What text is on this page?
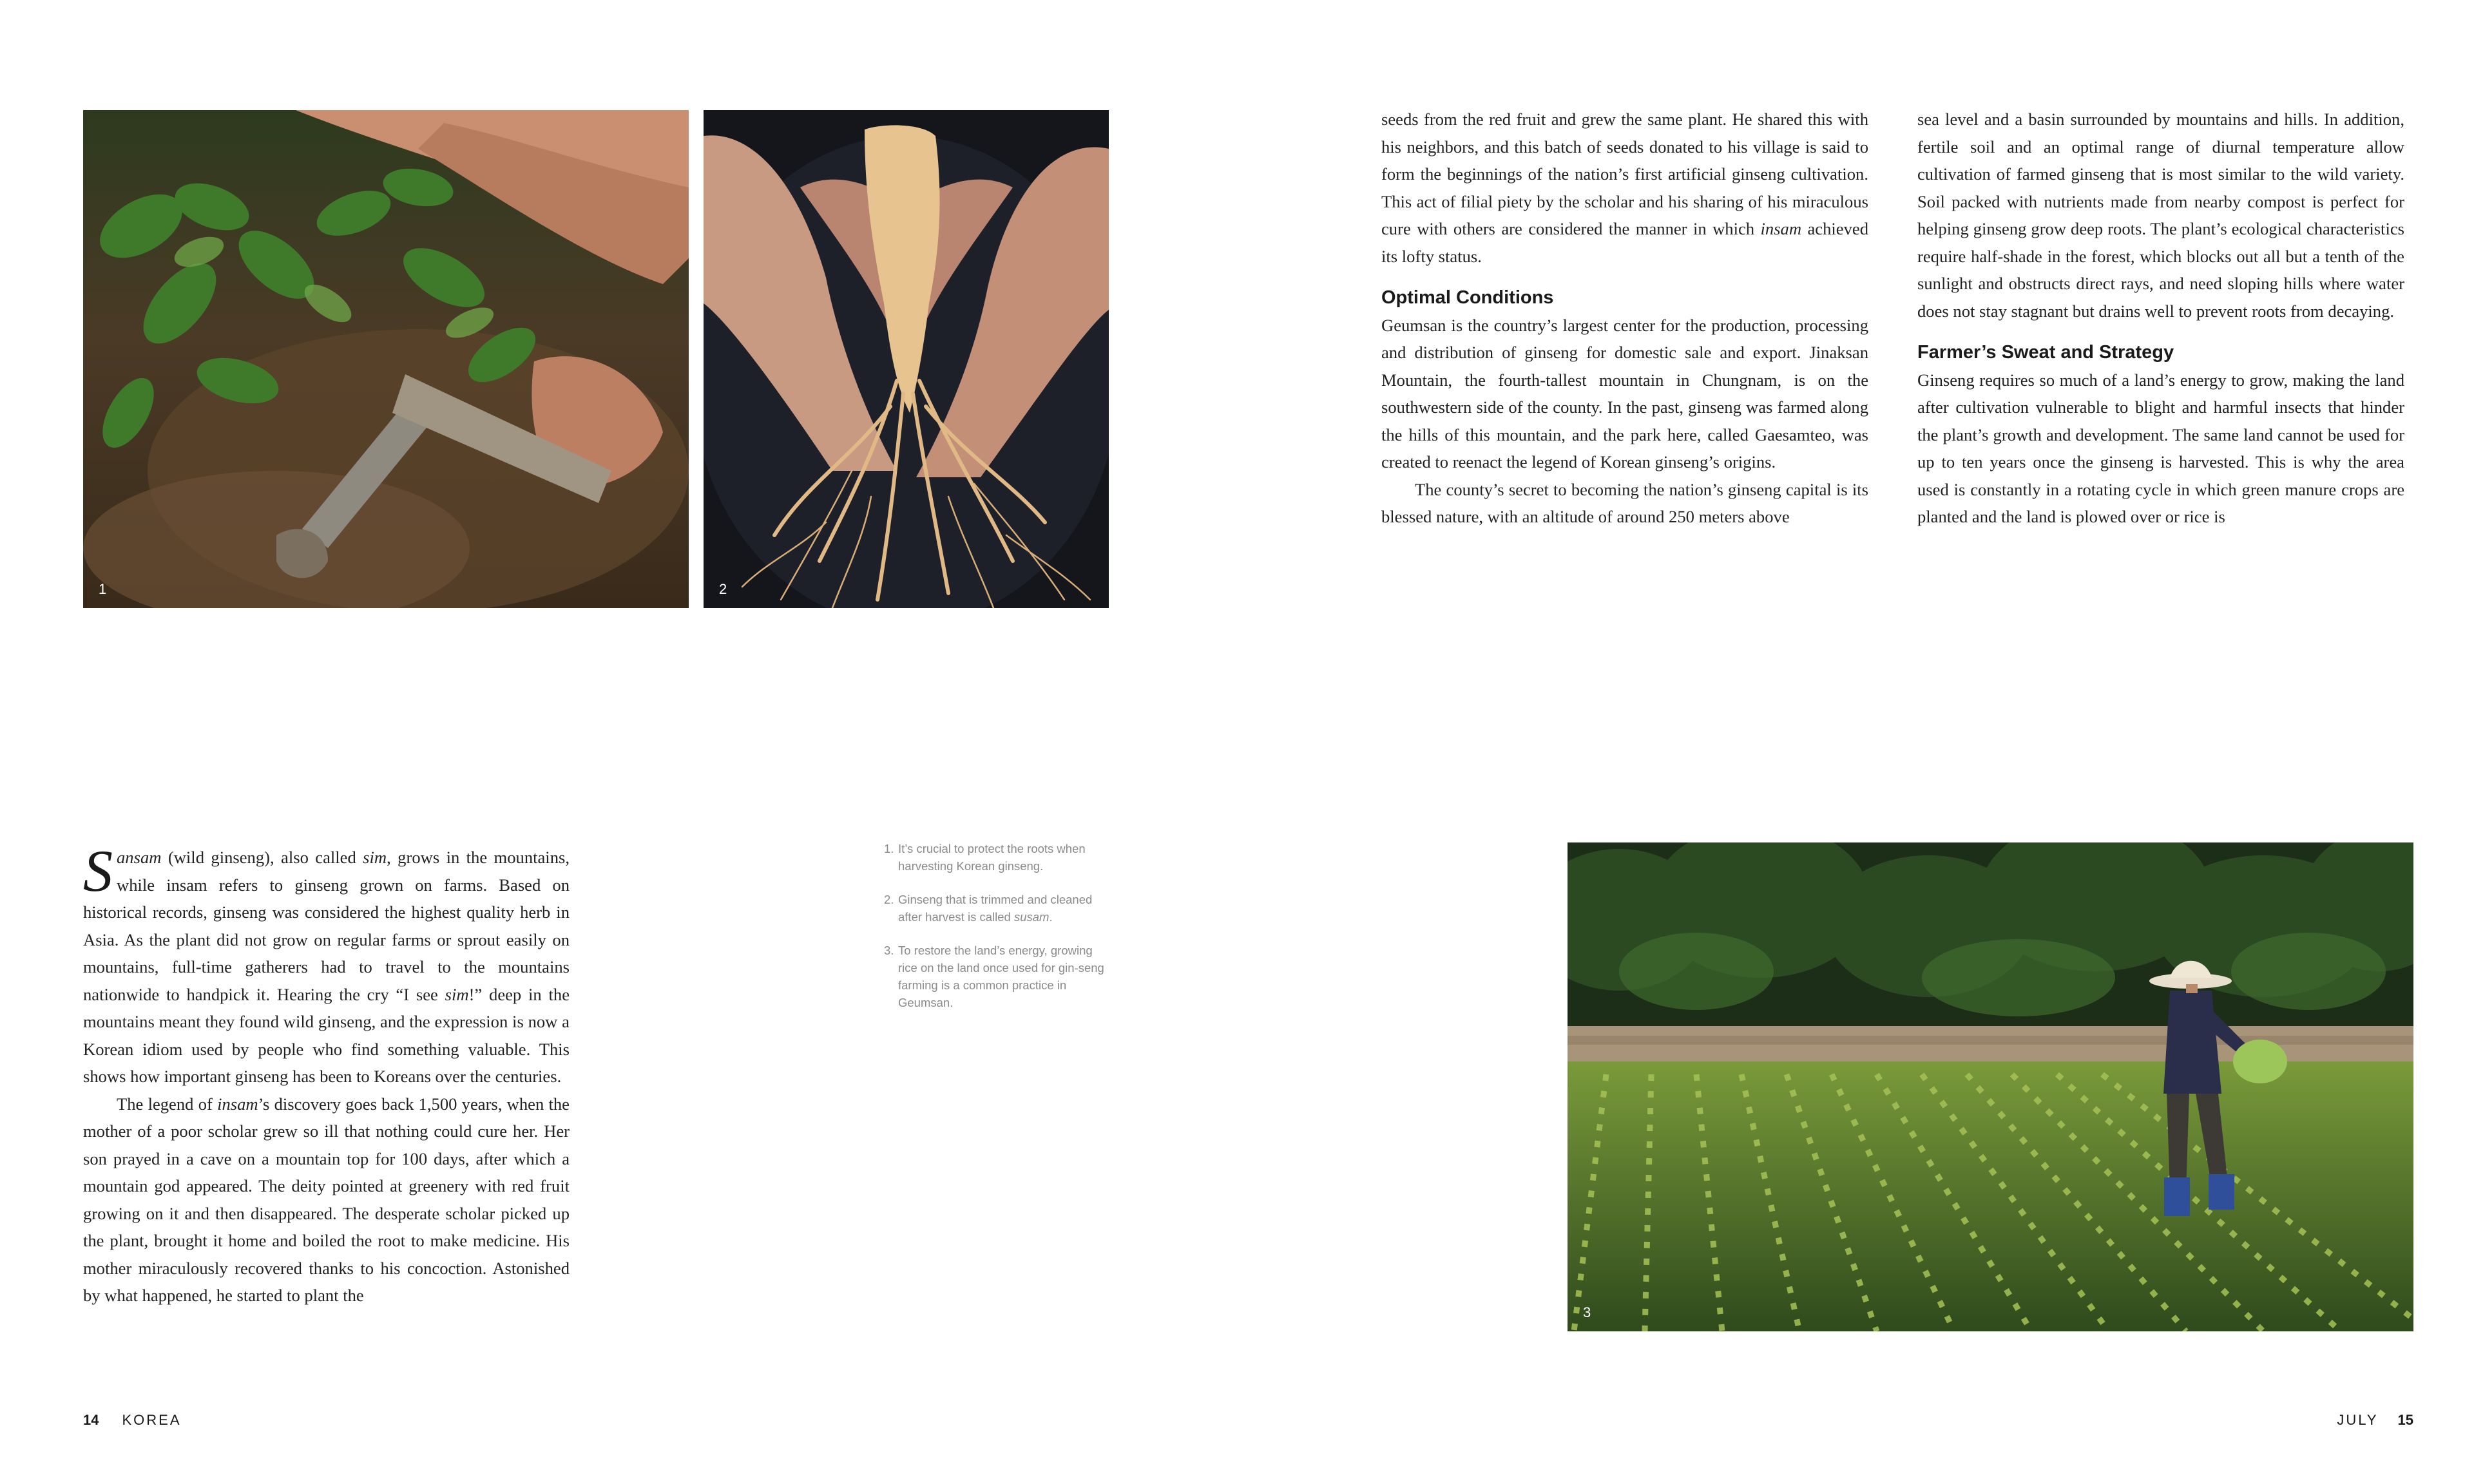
1	2

seeds from the red fruit and grew the same plant. He shared this with his neighbors, and this batch of seeds donated to his village is said to form the beginnings of the nation’s first artificial ginseng cultivation. This act of filial piety by the scholar and his sharing of his miraculous cure with others are considered the manner in which insam achieved its lofty status.

Optimal Conditions

Geumsan is the country’s largest center for the production, processing and distribution of ginseng for domestic sale and export. Jinaksan Mountain, the fourth-tallest mountain in Chungnam, is on the southwestern side of the county. In the past, ginseng was farmed along the hills of this mountain, and the park here, called Gaesamteo, was created to reenact the legend of Korean ginseng’s origins.

The county’s secret to becoming the nation’s ginseng capital is its blessed nature, with an altitude of around 250 meters above

sea level and a basin surrounded by mountains and hills. In addition, fertile soil and an optimal range of diurnal temperature allow cultivation of farmed ginseng that is most similar to the wild variety. Soil packed with nutrients made from nearby compost is perfect for helping ginseng grow deep roots. The plant’s ecological characteristics require half-shade in the forest, which blocks out all but a tenth of the sunlight and obstructs direct rays, and need sloping hills where water does not stay stagnant but drains well to prevent roots from decaying.

Farmer’s Sweat and Strategy

Ginseng requires so much of a land’s energy to grow, making the land after cultivation vulnerable to blight and harmful insects that hinder the plant’s growth and development. The same land cannot be used for up to ten years once the ginseng is harvested. This is why the area used is constantly in a rotating cycle in which green manure crops are planted and the land is plowed over or rice is

Sansam (wild ginseng), also called sim, grows in the mountains, while insam refers to ginseng grown on farms. Based on historical records, ginseng was considered the highest quality herb in Asia. As the plant did not grow on regular farms or sprout easily on mountains, full-time gatherers had to travel to the mountains nationwide to handpick it. Hearing the cry “I see sim!” deep in the mountains meant they found wild ginseng, and the expression is now a Korean idiom used by people who find something valuable. This shows how important ginseng has been to Koreans over the centuries.

The legend of insam’s discovery goes back 1,500 years, when the mother of a poor scholar grew so ill that nothing could cure her. Her son prayed in a cave on a mountain top for 100 days, after which a mountain god appeared. The deity pointed at greenery with red fruit growing on it and then disappeared. The desperate scholar picked up the plant, brought it home and boiled the root to make medicine. His mother miraculously recovered thanks to his concoction. Astonished by what happened, he started to plant the

1. It’s crucial to protect the roots when harvesting Korean ginseng.
2. Ginseng that is trimmed and cleaned after harvest is called susam.
3. To restore the land’s energy, growing rice on the land once used for gin-seng farming is a common practice in Geumsan.
3
14 KOREA	JULY 15
